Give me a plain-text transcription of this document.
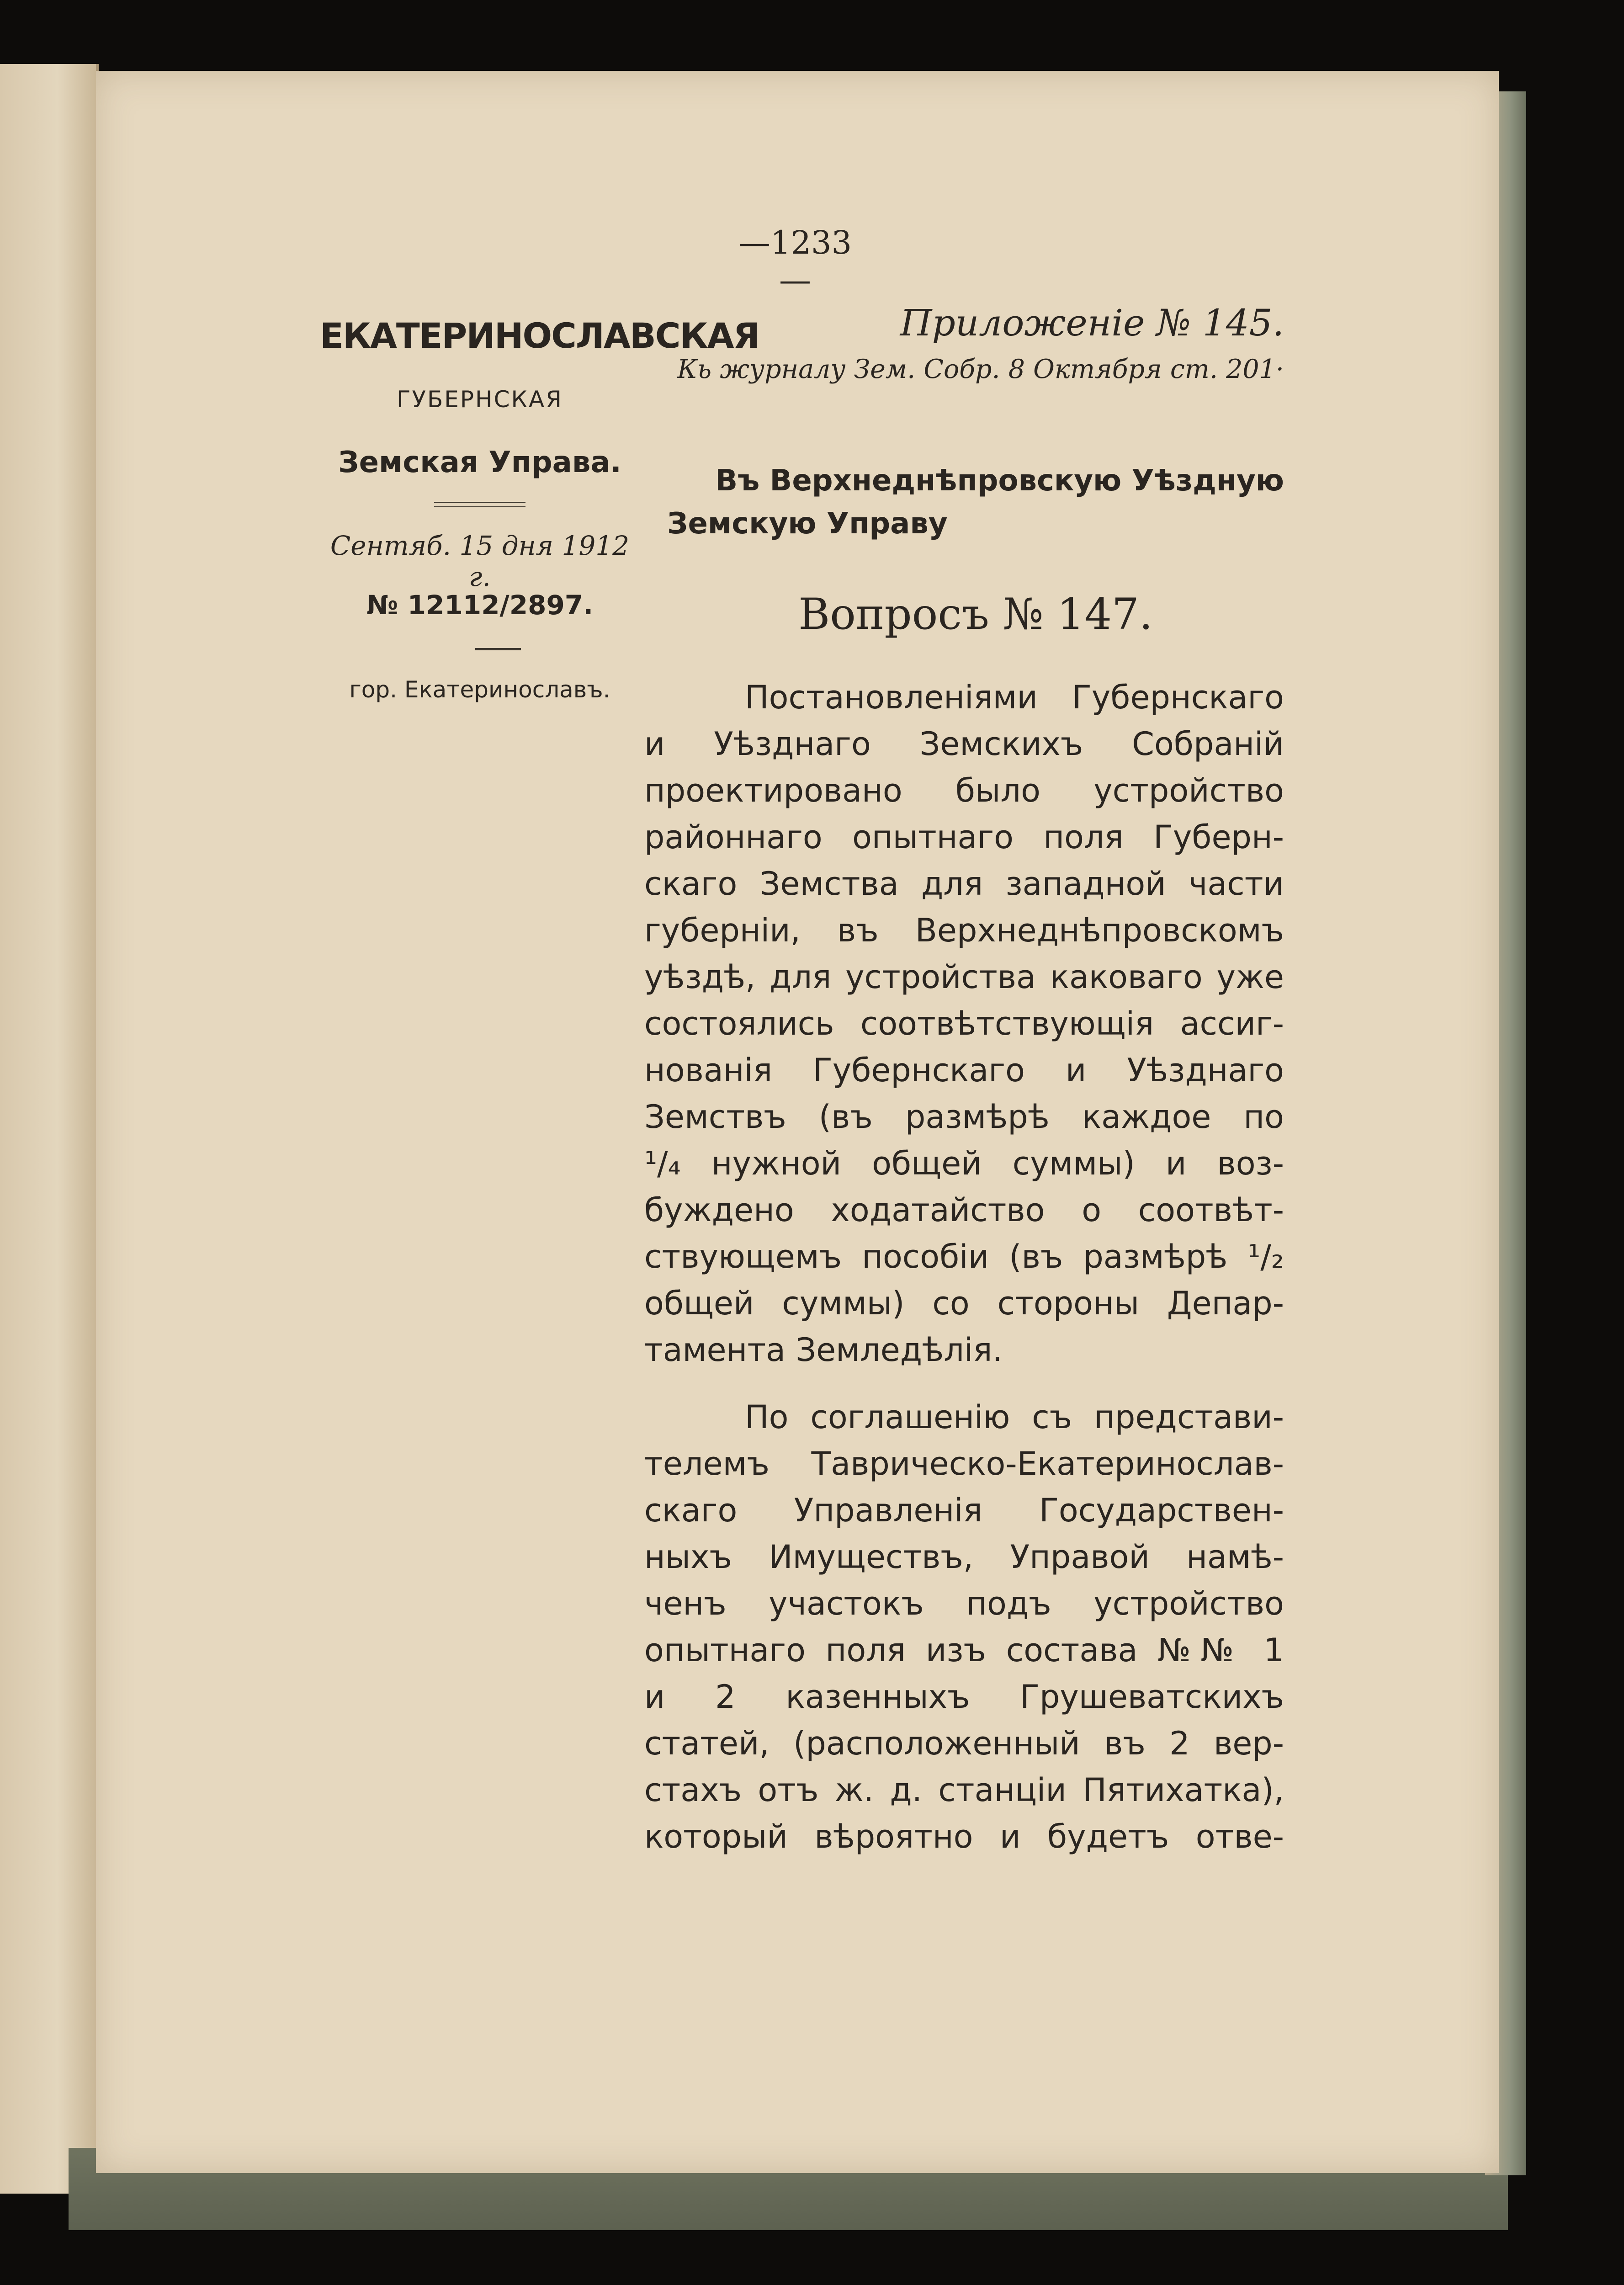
—1233—
ЕКАТЕРИНОСЛАВСКАЯ
ГУБЕРНСКАЯ
Земская Управа.
Сентяб. 15 дня 1912 г.
№ 12112/2897.
гор. Екатеринославъ.
Приложеніе № 145.
Кь журналу Зем. Собр. 8 Октября ст. 201·
Въ Верхнеднѣпровскую Уѣздную
Земскую Управу
Вопросъ № 147.
Постановленіями Губернскаго
и Уѣзднаго Земскихъ Собраній
проектировано было устройство
районнаго опытнаго поля Губерн-
скаго Земства для западной части
губерніи, въ Верхнеднѣпровскомъ
уѣздѣ, для устройства каковаго уже
состоялись соотвѣтствующія ассиг-
нованія Губернскаго и Уѣзднаго
Земствъ (въ размѣрѣ каждое по
¹/₄ нужной общей суммы) и воз-
буждено ходатайство о соотвѣт-
ствующемъ пособіи (въ размѣрѣ ¹/₂
общей суммы) со стороны Депар-
тамента Земледѣлія.
По соглашенію съ представи-
телемъ Таврическо-Екатеринослав-
скаго Управленія Государствен-
ныхъ Имуществъ, Управой намѣ-
ченъ участокъ подъ устройство
опытнаго поля изъ состава №№ 1
и 2 казенныхъ Грушеватскихъ
статей, (расположенный въ 2 вер-
стахъ отъ ж. д. станціи Пятихатка),
который вѣроятно и будетъ отве-
